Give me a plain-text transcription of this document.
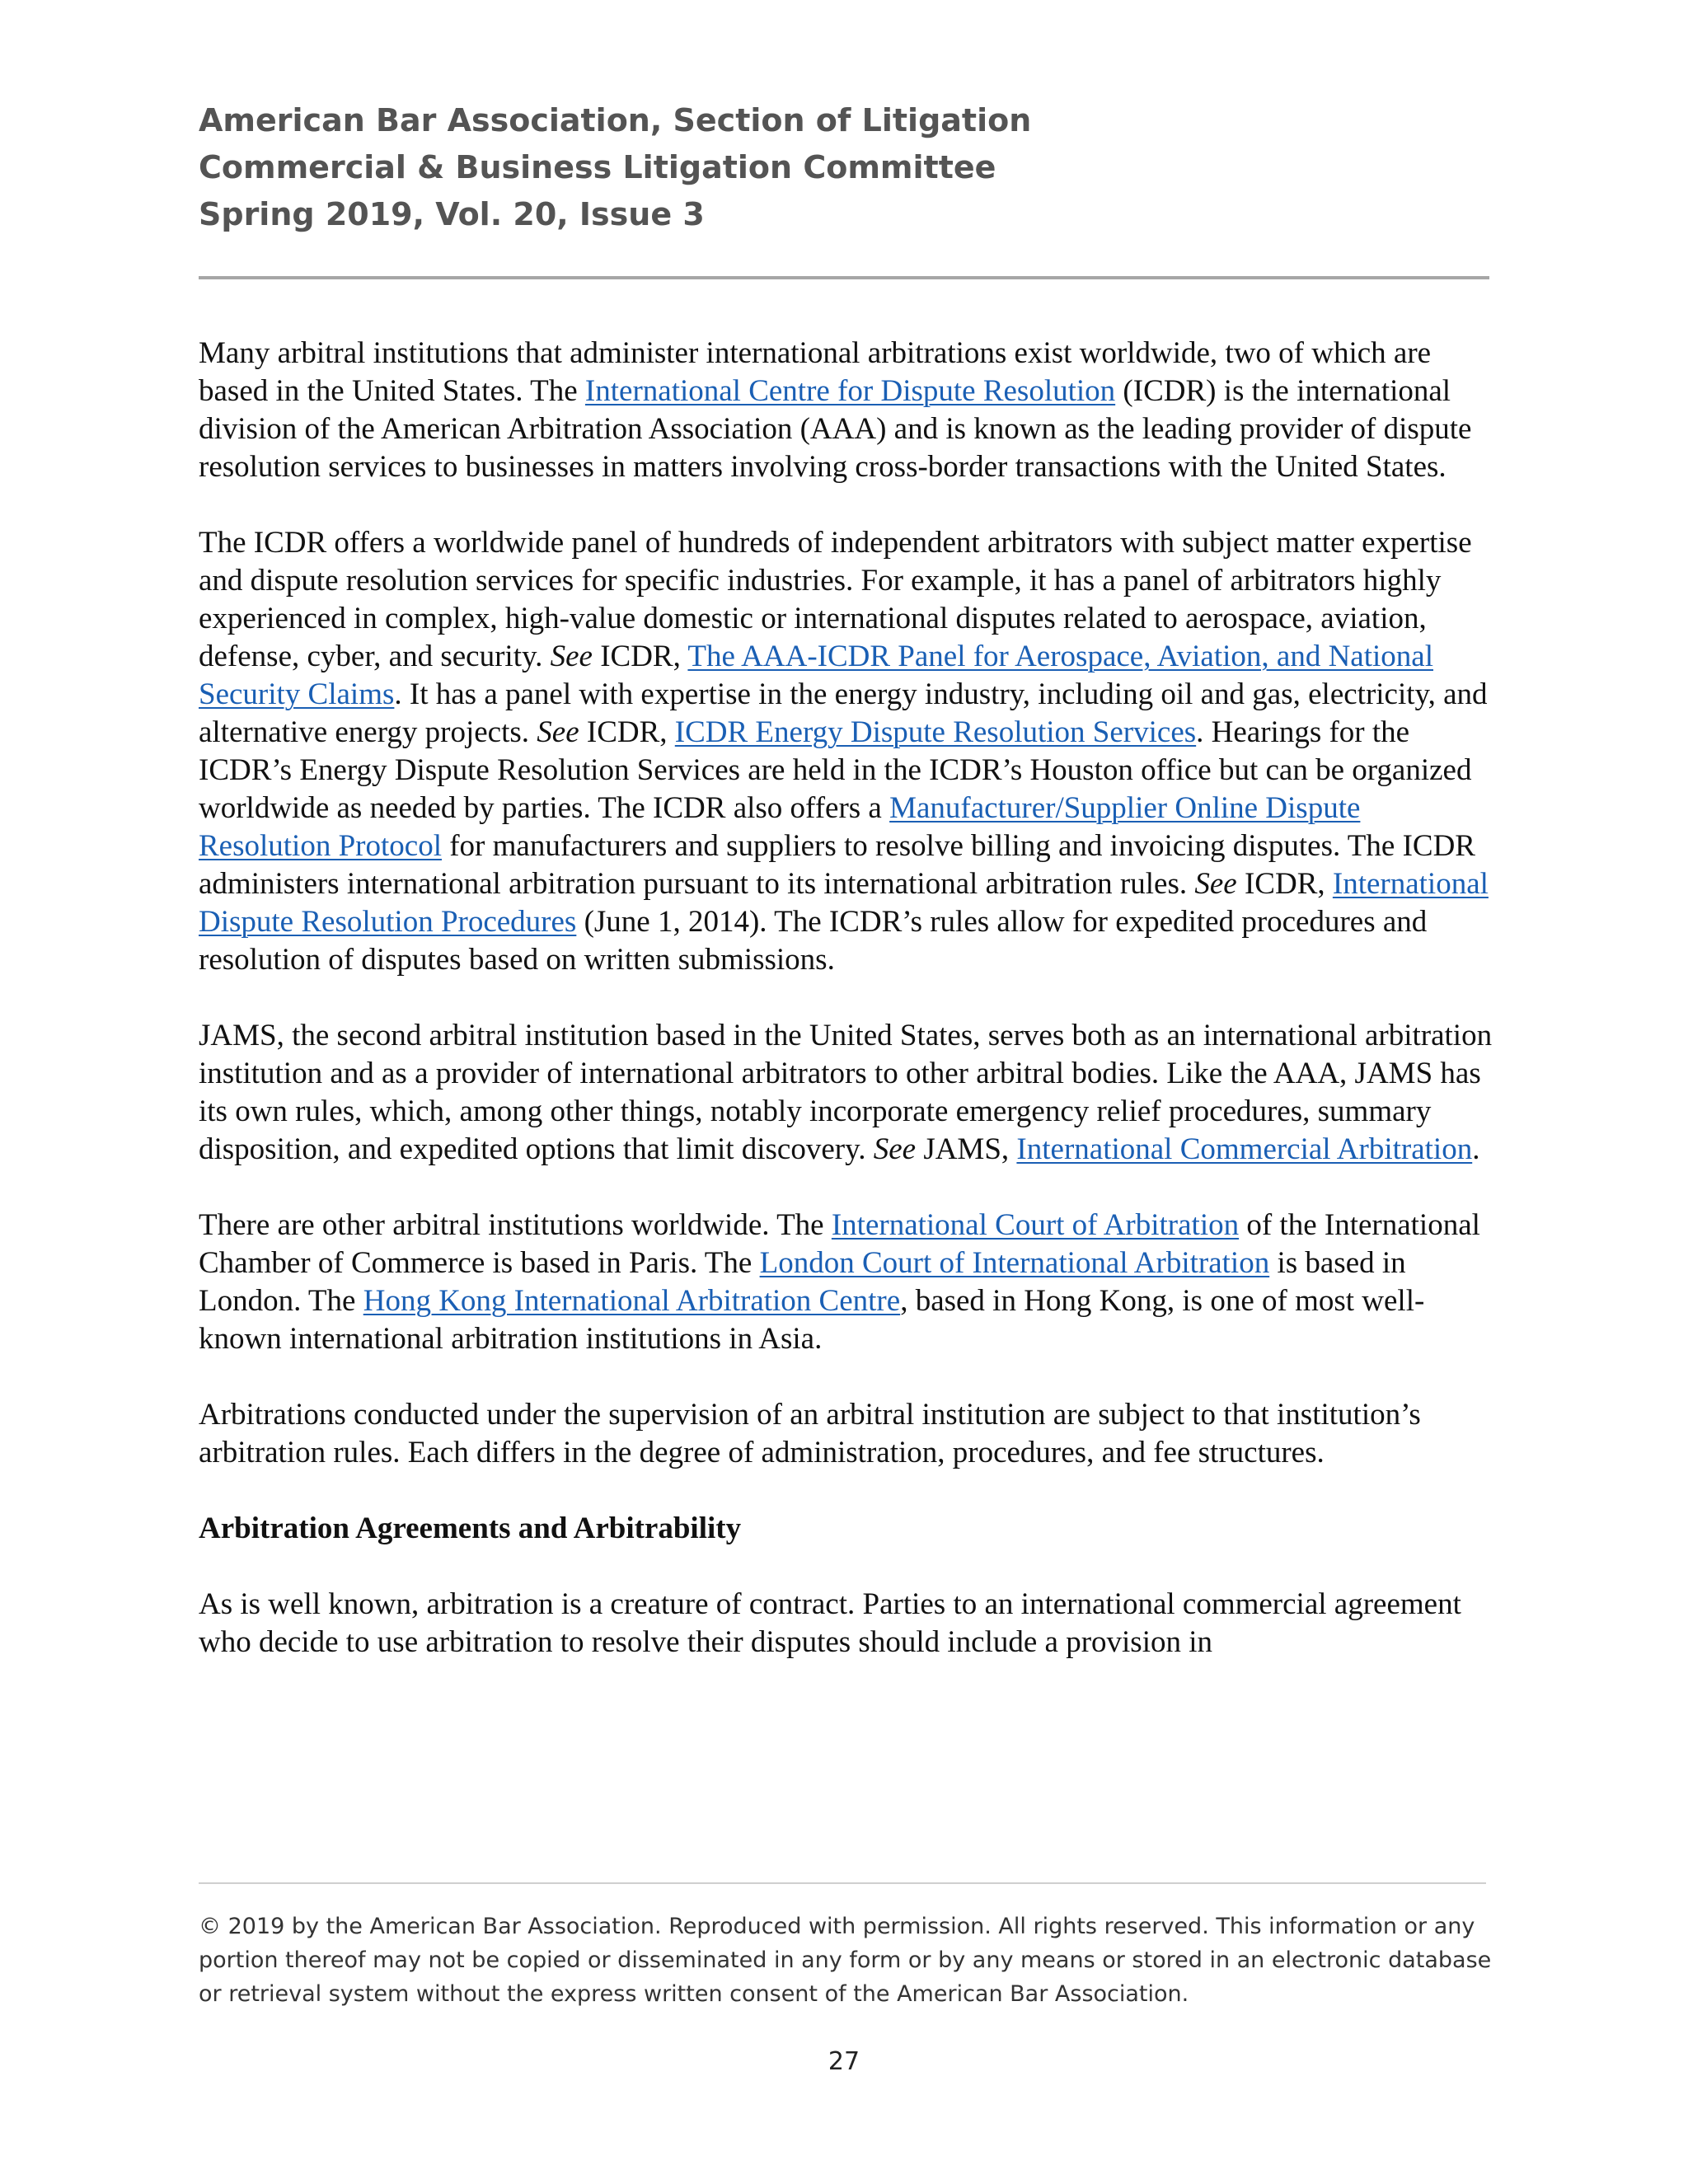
American Bar Association, Section of Litigation
Commercial & Business Litigation Committee
Spring 2019, Vol. 20, Issue 3

Many arbitral institutions that administer international arbitrations exist worldwide, two of which are based in the United States. The International Centre for Dispute Resolution (ICDR) is the international division of the American Arbitration Association (AAA) and is known as the leading provider of dispute resolution services to businesses in matters involving cross-border transactions with the United States.

The ICDR offers a worldwide panel of hundreds of independent arbitrators with subject matter expertise and dispute resolution services for specific industries. For example, it has a panel of arbitrators highly experienced in complex, high-value domestic or international disputes related to aerospace, aviation, defense, cyber, and security. See ICDR, The AAA-ICDR Panel for Aerospace, Aviation, and National Security Claims. It has a panel with expertise in the energy industry, including oil and gas, electricity, and alternative energy projects. See ICDR, ICDR Energy Dispute Resolution Services. Hearings for the ICDR’s Energy Dispute Resolution Services are held in the ICDR’s Houston office but can be organized worldwide as needed by parties. The ICDR also offers a Manufacturer/Supplier Online Dispute Resolution Protocol for manufacturers and suppliers to resolve billing and invoicing disputes. The ICDR administers international arbitration pursuant to its international arbitration rules. See ICDR, International Dispute Resolution Procedures (June 1, 2014). The ICDR’s rules allow for expedited procedures and resolution of disputes based on written submissions.

JAMS, the second arbitral institution based in the United States, serves both as an international arbitration institution and as a provider of international arbitrators to other arbitral bodies. Like the AAA, JAMS has its own rules, which, among other things, notably incorporate emergency relief procedures, summary disposition, and expedited options that limit discovery. See JAMS, International Commercial Arbitration.

There are other arbitral institutions worldwide. The International Court of Arbitration of the International Chamber of Commerce is based in Paris. The London Court of International Arbitration is based in London. The Hong Kong International Arbitration Centre, based in Hong Kong, is one of most well-known international arbitration institutions in Asia.

Arbitrations conducted under the supervision of an arbitral institution are subject to that institution’s arbitration rules. Each differs in the degree of administration, procedures, and fee structures.

Arbitration Agreements and Arbitrability

As is well known, arbitration is a creature of contract. Parties to an international commercial agreement who decide to use arbitration to resolve their disputes should include a provision in

© 2019 by the American Bar Association. Reproduced with permission. All rights reserved. This information or any portion thereof may not be copied or disseminated in any form or by any means or stored in an electronic database or retrieval system without the express written consent of the American Bar Association.
27
